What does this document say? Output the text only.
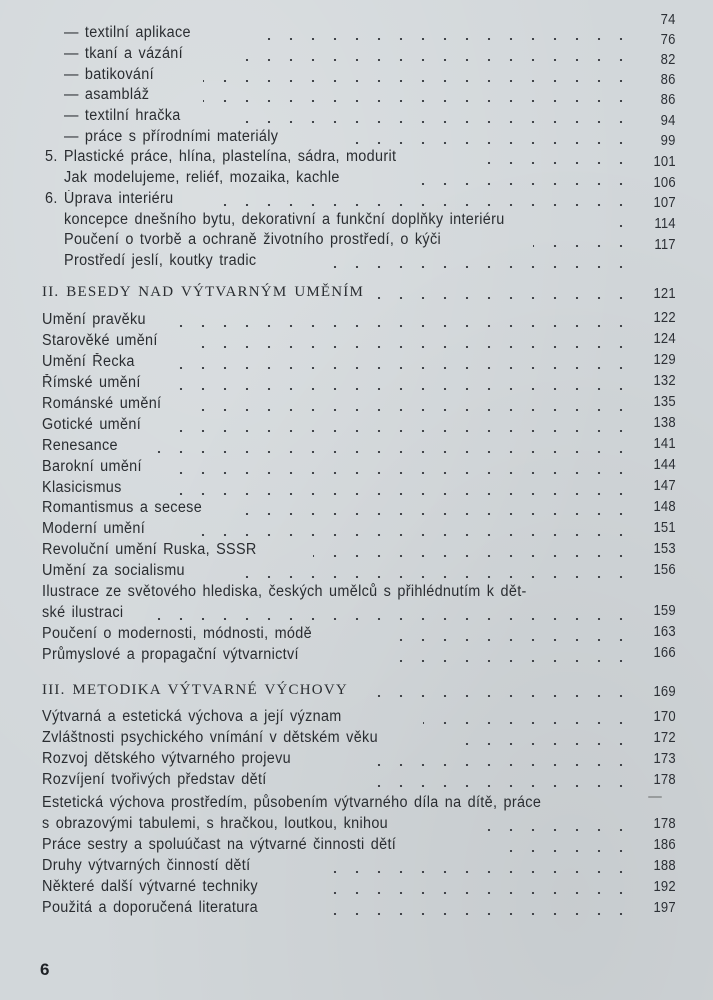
74
— textilní aplikace	76
— tkaní a vázání	82
— batikování	86
— asambláž	86
— textilní hračka	94
— práce s přírodními materiály	99
5. Plastické práce, hlína, plastelína, sádra, modurit	101
Jak modelujeme, reliéf, mozaika, kachle	106
6. Úprava interiéru	107
koncepce dnešního bytu, dekorativní a funkční doplňky interiéru	114
Poučení o tvorbě a ochraně životního prostředí, o kýči	117
Prostředí jeslí, koutky tradic
II. BESEDY NAD VÝTVARNÝM UMĚNÍM	121
Umění pravěku	122
Starověké umění	124
Umění Řecka	129
Římské umění	132
Románské umění	135
Gotické umění	138
Renesance	141
Barokní umění	144
Klasicismus	147
Romantismus a secese	148
Moderní umění	151
Revoluční umění Ruska, SSSR	153
Umění za socialismu	156
Ilustrace ze světového hlediska, českých umělců s přihlédnutím k dět-
ské ilustraci	159
Poučení o modernosti, módnosti, módě	163
Průmyslové a propagační výtvarnictví	166
III. METODIKA VÝTVARNÉ VÝCHOVY	169
Výtvarná a estetická výchova a její význam	170
Zvláštnosti psychického vnímání v dětském věku	172
Rozvoj dětského výtvarného projevu	173
Rozvíjení tvořivých představ dětí	178
Estetická výchova prostředím, působením výtvarného díla na dítě, práce
s obrazovými tabulemi, s hračkou, loutkou, knihou	178
Práce sestry a spoluúčast na výtvarné činnosti dětí	186
Druhy výtvarných činností dětí	188
Některé další výtvarné techniky	192
Použitá a doporučená literatura	197
6
